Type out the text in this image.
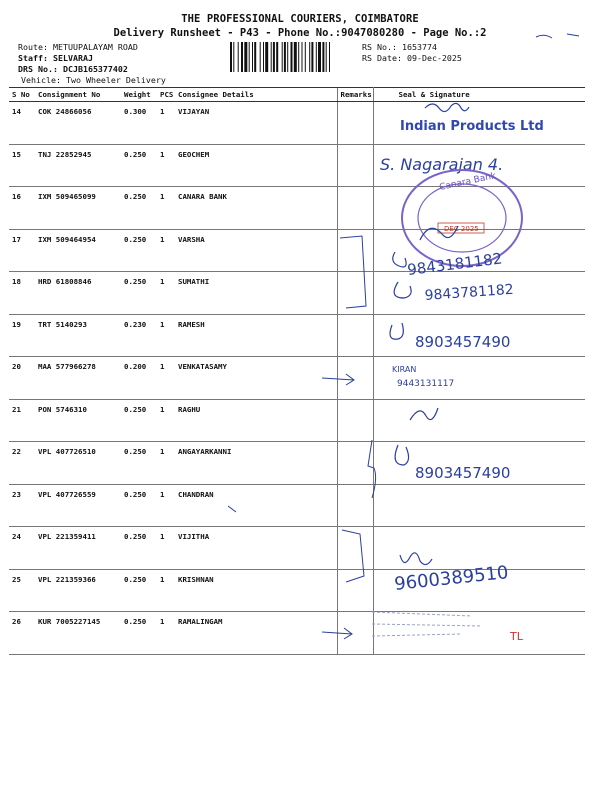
THE PROFESSIONAL COURIERS, COIMBATORE
Delivery Runsheet - P43 - Phone No.:9047080280 - Page No.:2
Route: METUUPALAYAM ROAD
Staff: SELVARAJ
DRS No.: DCJB165377402
Vehicle: Two Wheeler Delivery
RS No.: 1653774
RS Date: 09-Dec-2025
S No	Consignment No	Weight	PCS	Consignee Details	Remarks	Seal & Signature
14	COK 24866056	0.300	1	VIJAYAN		
15	TNJ 22852945	0.250	1	GEOCHEM		
16	IXM 509465099	0.250	1	CANARA BANK		
17	IXM 509464954	0.250	1	VARSHA		
18	HRD 61808846	0.250	1	SUMATHI		
19	TRT 5140293	0.230	1	RAMESH		
20	MAA 577966278	0.200	1	VENKATASAMY		
21	PON 5746310	0.250	1	RAGHU		
22	VPL 407726510	0.250	1	ANGAYARKANNI		
23	VPL 407726559	0.250	1	CHANDRAN		
24	VPL 221359411	0.250	1	VIJITHA		
25	VPL 221359366	0.250	1	KRISHNAN		
26	KUR 7005227145	0.250	1	RAMALINGAM		
Indian Products Ltd
S. Nagarajan 4.
Canara Bank
DEC 2025
9843181182
9843781182
8903457490
KIRAN
9443131117
8903457490
9600389510
TL
